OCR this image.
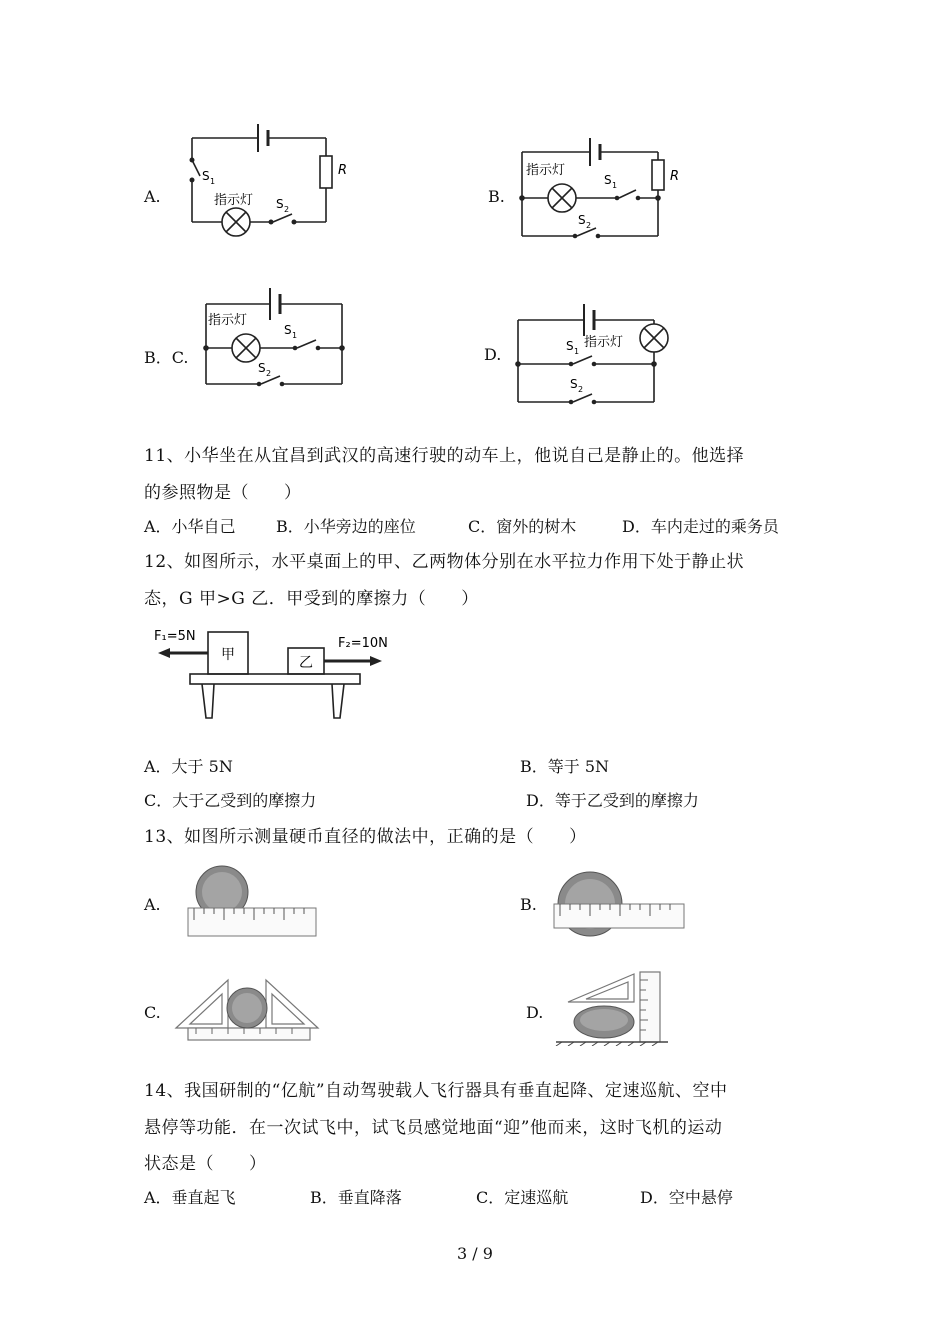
A.	B.
B．C.	D.
R
S 1
指示灯 S 2
指示灯	R
S 1
S 2
指示灯
S 1
S 2
S 1
指示灯
S 2
11、小华坐在从宜昌到武汉的高速行驶的动车上，他说自己是静止的。他选择
的参照物是（　　）
A．小华自己	B．小华旁边的座位	C．窗外的树木	D．车内走过的乘务员
12、如图所示，水平桌面上的甲、乙两物体分别在水平拉力作用下处于静止状
态，G 甲>G 乙．甲受到的摩擦力（　　）
F₁=5N	F₂=10N
甲	乙
A．大于 5N	B．等于 5N
C．大于乙受到的摩擦力	D．等于乙受到的摩擦力
13、如图所示测量硬币直径的做法中，正确的是（　　）
A.	B.
C.	D.
14、我国研制的“亿航”自动驾驶载人飞行器具有垂直起降、定速巡航、空中
悬停等功能．在一次试飞中，试飞员感觉地面“迎”他而来，这时飞机的运动
状态是（　　）
A．垂直起飞	B．垂直降落	C．定速巡航	D．空中悬停
3 / 9
